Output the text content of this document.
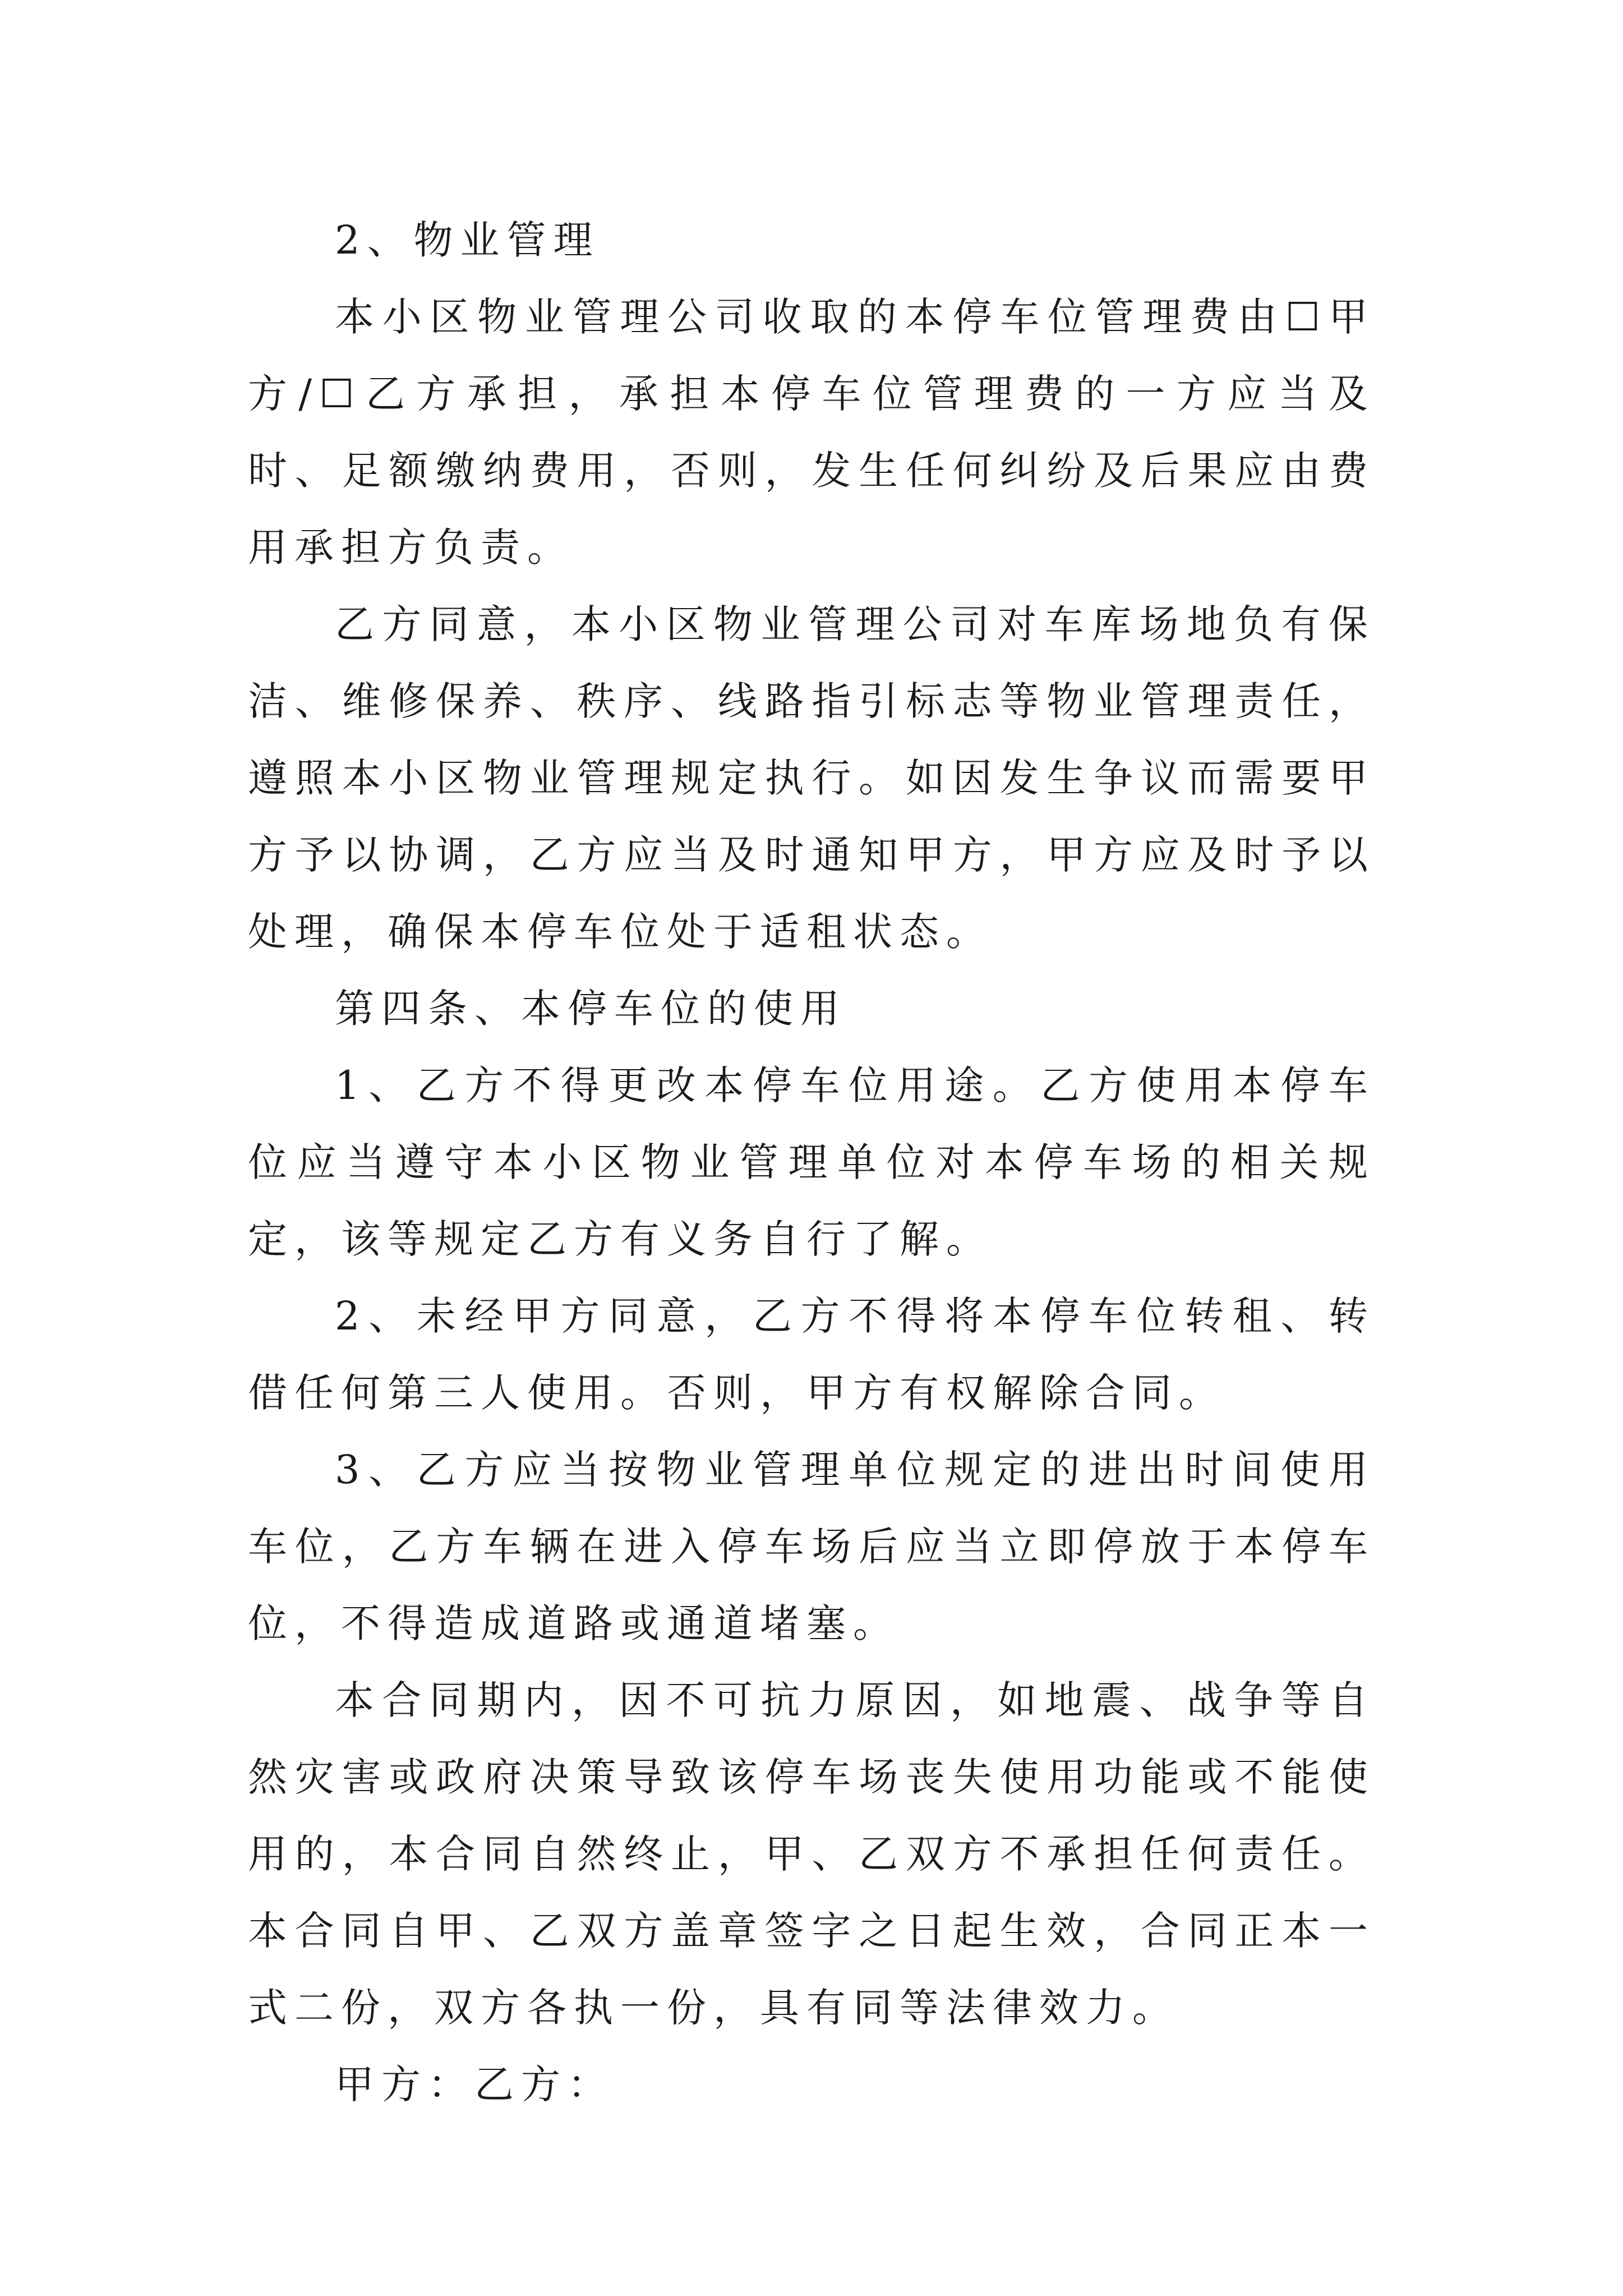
2、物业管理

本小区物业管理公司收取的本停车位管理费由☐甲方/☐乙方承担，承担本停车位管理费的一方应当及时、足额缴纳费用，否则，发生任何纠纷及后果应由费用承担方负责。

乙方同意，本小区物业管理公司对车库场地负有保洁、维修保养、秩序、线路指引标志等物业管理责任，遵照本小区物业管理规定执行。如因发生争议而需要甲方予以协调，乙方应当及时通知甲方，甲方应及时予以处理，确保本停车位处于适租状态。

第四条、本停车位的使用

1、乙方不得更改本停车位用途。乙方使用本停车位应当遵守本小区物业管理单位对本停车场的相关规定，该等规定乙方有义务自行了解。

2、未经甲方同意，乙方不得将本停车位转租、转借任何第三人使用。否则，甲方有权解除合同。

3、乙方应当按物业管理单位规定的进出时间使用车位，乙方车辆在进入停车场后应当立即停放于本停车位，不得造成道路或通道堵塞。

本合同期内，因不可抗力原因，如地震、战争等自然灾害或政府决策导致该停车场丧失使用功能或不能使用的，本合同自然终止，甲、乙双方不承担任何责任。本合同自甲、乙双方盖章签字之日起生效，合同正本一式二份，双方各执一份，具有同等法律效力。

甲方：乙方：
